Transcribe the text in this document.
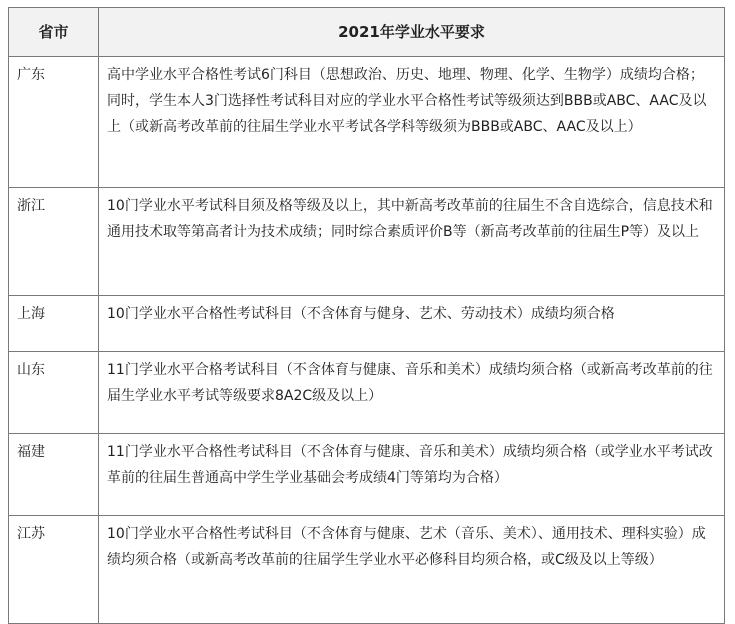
省市	2021年学业水平要求
广东	高中学业水平合格性考试6门科目（思想政治、历史、地理、物理、化学、生物学）成绩均合格；同时，学生本人3门选择性考试科目对应的学业水平合格性考试等级须达到BBB或ABC、AAC及以上（或新高考改革前的往届生学业水平考试各学科等级须为BBB或ABC、AAC及以上）
浙江	10门学业水平考试科目须及格等级及以上，其中新高考改革前的往届生不含自选综合，信息技术和通用技术取等第高者计为技术成绩；同时综合素质评价B等（新高考改革前的往届生P等）及以上
上海	10门学业水平合格性考试科目（不含体育与健身、艺术、劳动技术）成绩均须合格
山东	11门学业水平合格考试科目（不含体育与健康、音乐和美术）成绩均须合格（或新高考改革前的往届生学业水平考试等级要求8A2C级及以上）
福建	11门学业水平合格性考试科目（不含体育与健康、音乐和美术）成绩均须合格（或学业水平考试改革前的往届生普通高中学生学业基础会考成绩4门等第均为合格）
江苏	10门学业水平合格性考试科目（不含体育与健康、艺术（音乐、美术）、通用技术、理科实验）成绩均须合格（或新高考改革前的往届学生学业水平必修科目均须合格，或C级及以上等级）
